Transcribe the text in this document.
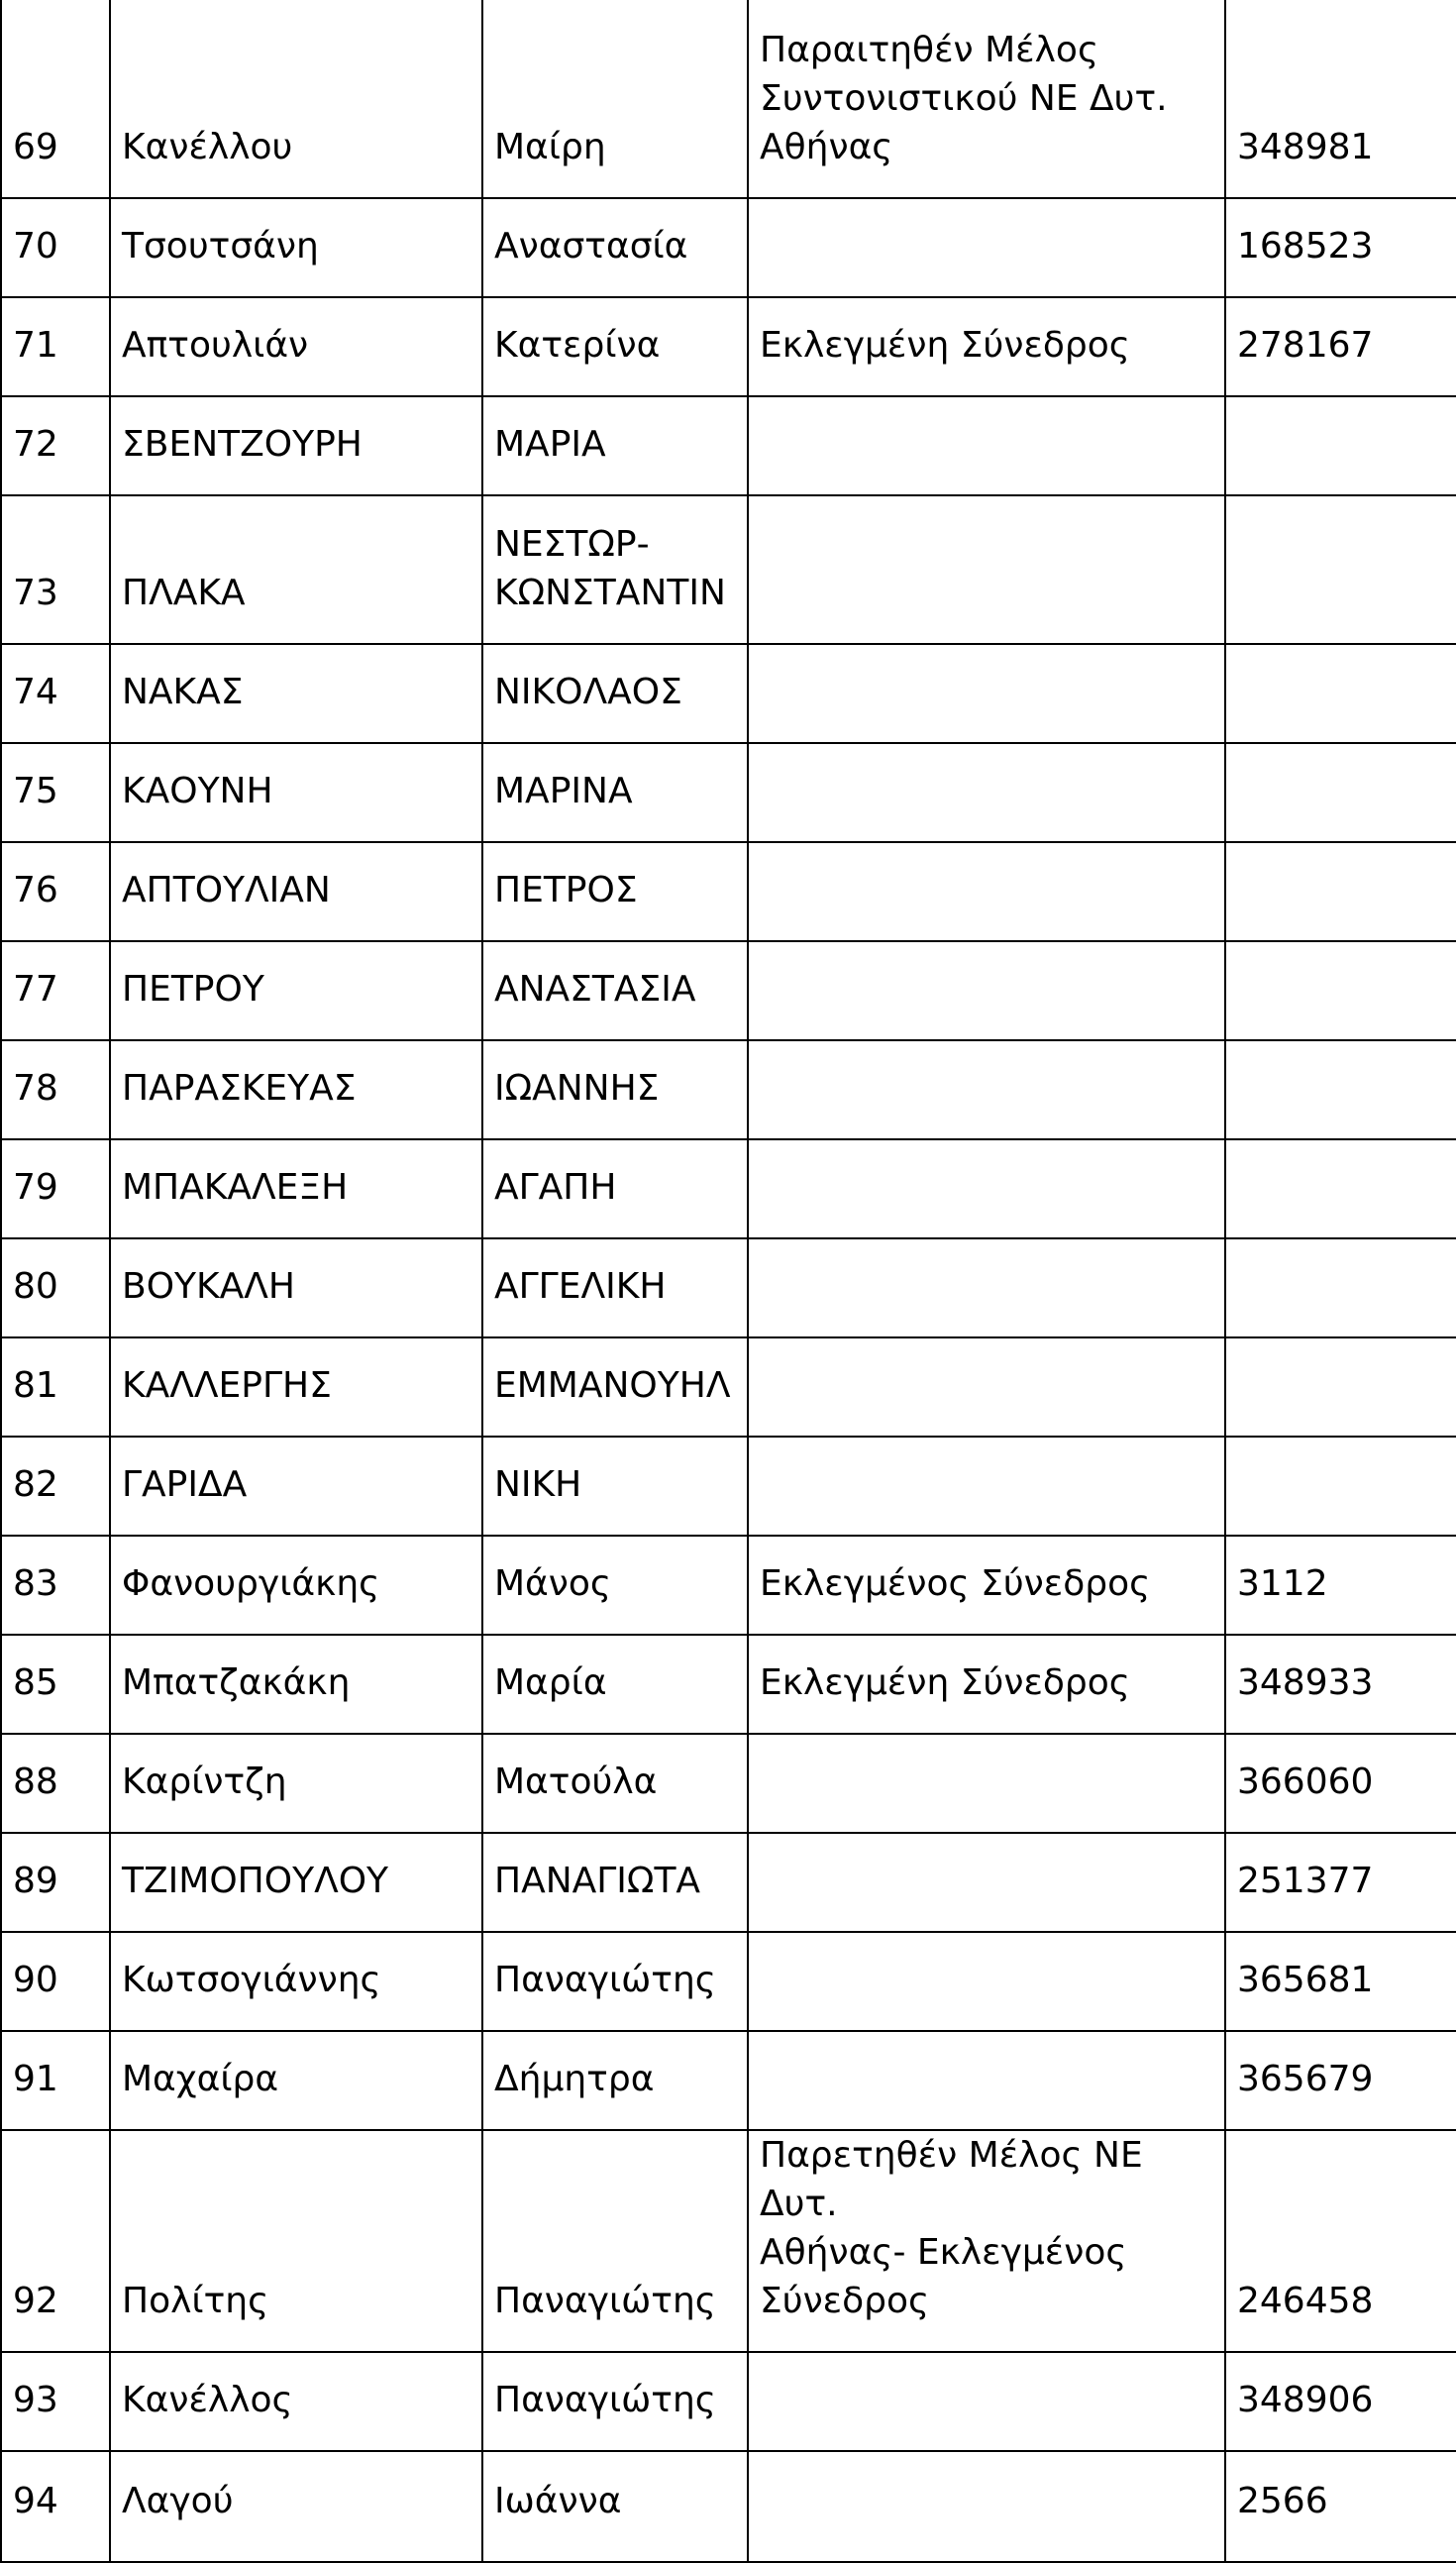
69	Κανέλλου	Μαίρη	Παραιτηθέν Μέλος
Συντονιστικού ΝΕ Δυτ.
Αθήνας	348981
70	Τσουτσάνη	Αναστασία		168523
71	Απτουλιάν	Κατερίνα	Εκλεγμένη Σύνεδρος	278167
72	ΣΒΕΝΤΖΟΥΡΗ	ΜΑΡΙΑ		
73	ΠΛΑΚΑ	ΝΕΣΤΩΡ-
ΚΩΝΣΤΑΝΤΙΝ		
74	ΝΑΚΑΣ	ΝΙΚΟΛΑΟΣ		
75	ΚΑΟΥΝΗ	ΜΑΡΙΝΑ		
76	ΑΠΤΟΥΛΙΑΝ	ΠΕΤΡΟΣ		
77	ΠΕΤΡΟΥ	ΑΝΑΣΤΑΣΙΑ		
78	ΠΑΡΑΣΚΕΥΑΣ	ΙΩΑΝΝΗΣ		
79	ΜΠΑΚΑΛΕΞΗ	ΑΓΑΠΗ		
80	ΒΟΥΚΑΛΗ	ΑΓΓΕΛΙΚΗ		
81	ΚΑΛΛΕΡΓΗΣ	ΕΜΜΑΝΟΥΗΛ		
82	ΓΑΡΙΔΑ	ΝΙΚΗ		
83	Φανουργιάκης	Μάνος	Εκλεγμένος Σύνεδρος	3112
85	Μπατζακάκη	Μαρία	Εκλεγμένη Σύνεδρος	348933
88	Καρίντζη	Ματούλα		366060
89	ΤΖΙΜΟΠΟΥΛΟΥ	ΠΑΝΑΓΙΩΤΑ		251377
90	Κωτσογιάννης	Παναγιώτης		365681
91	Μαχαίρα	Δήμητρα		365679
92	Πολίτης	Παναγιώτης	Παρετηθέν Μέλος ΝΕ Δυτ.
Αθήνας- Εκλεγμένος
Σύνεδρος	246458
93	Κανέλλος	Παναγιώτης		348906
94	Λαγού	Ιωάννα		2566
